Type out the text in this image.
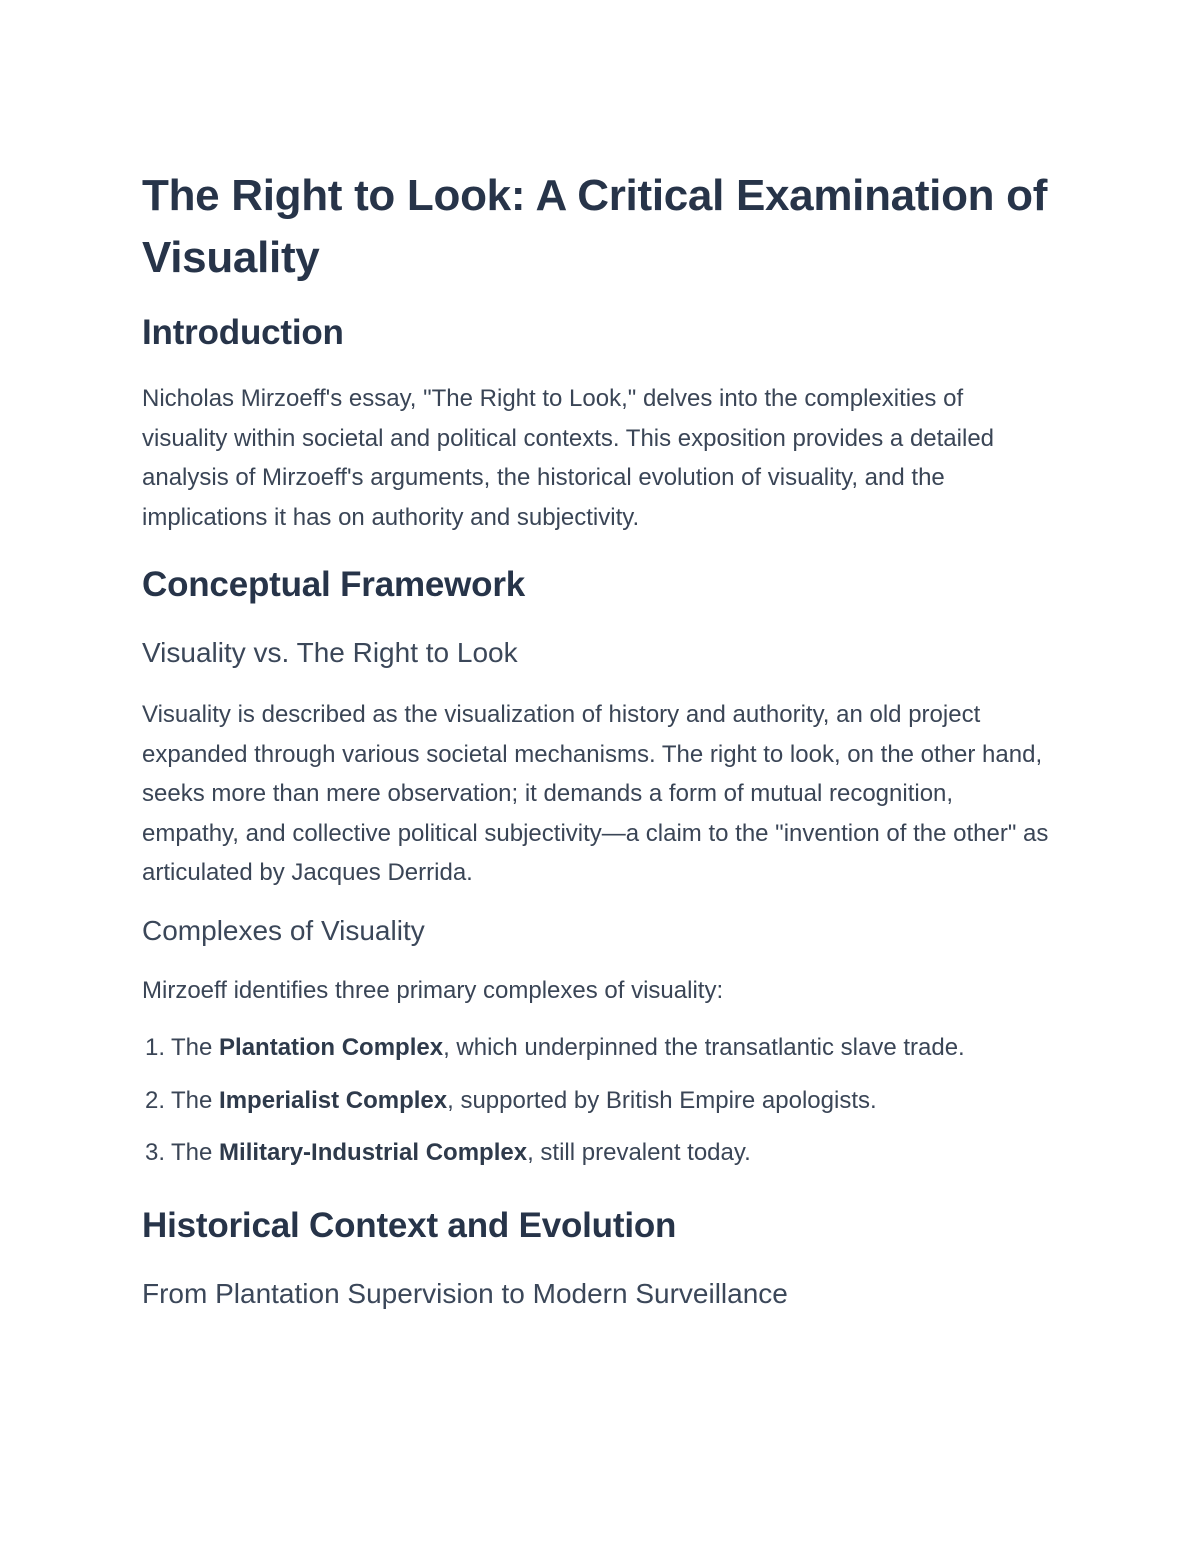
The Right to Look: A Critical Examination of Visuality
Introduction

Nicholas Mirzoeff's essay, "The Right to Look," delves into the complexities of visuality within societal and political contexts. This exposition provides a detailed analysis of Mirzoeff's arguments, the historical evolution of visuality, and the implications it has on authority and subjectivity.

Conceptual Framework
Visuality vs. The Right to Look

Visuality is described as the visualization of history and authority, an old project expanded through various societal mechanisms. The right to look, on the other hand, seeks more than mere observation; it demands a form of mutual recognition, empathy, and collective political subjectivity—a claim to the "invention of the other" as articulated by Jacques Derrida.

Complexes of Visuality

Mirzoeff identifies three primary complexes of visuality:

1. The Plantation Complex, which underpinned the transatlantic slave trade.
2. The Imperialist Complex, supported by British Empire apologists.
3. The Military-Industrial Complex, still prevalent today.
Historical Context and Evolution
From Plantation Supervision to Modern Surveillance
